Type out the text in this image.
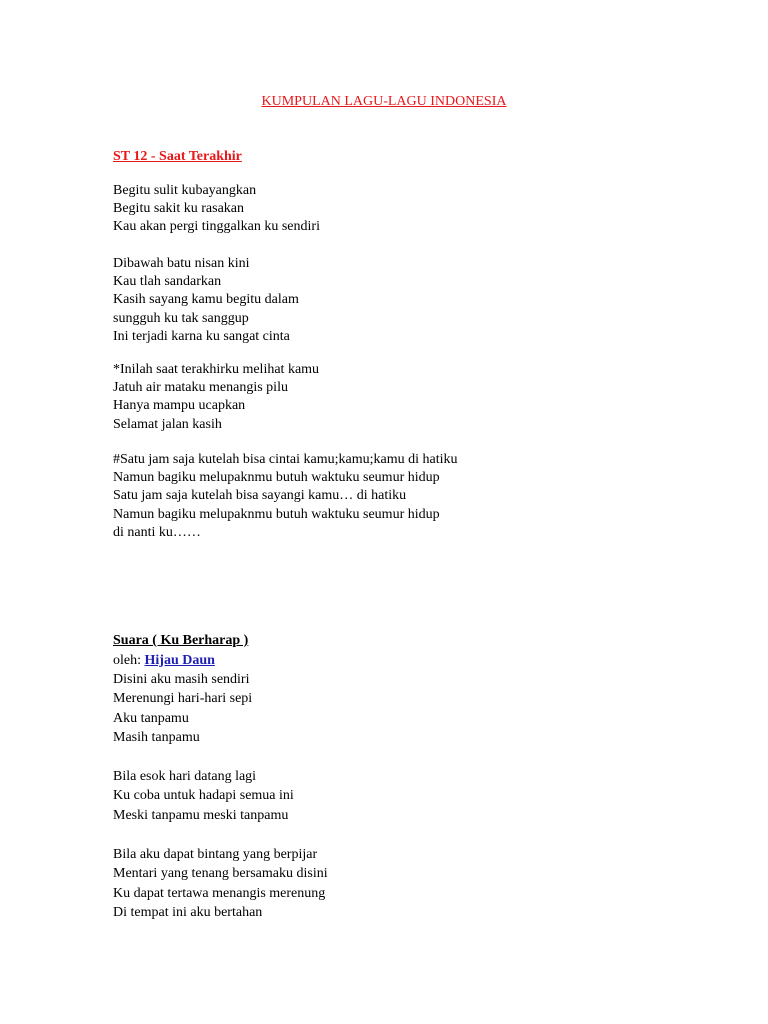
KUMPULAN LAGU-LAGU INDONESIA
ST 12 - Saat Terakhir
Begitu sulit kubayangkan
Begitu sakit ku rasakan
Kau akan pergi tinggalkan ku sendiri
Dibawah batu nisan kini
Kau tlah sandarkan
Kasih sayang kamu begitu dalam
sungguh ku tak sanggup
Ini terjadi karna ku sangat cinta
*Inilah saat terakhirku melihat kamu
Jatuh air mataku menangis pilu
Hanya mampu ucapkan
Selamat jalan kasih
#Satu jam saja kutelah bisa cintai kamu;kamu;kamu di hatiku
Namun bagiku melupaknmu butuh waktuku seumur hidup
Satu jam saja kutelah bisa sayangi kamu… di hatiku
Namun bagiku melupaknmu butuh waktuku seumur hidup
di nanti ku……
Suara ( Ku Berharap )
oleh: Hijau Daun
Disini aku masih sendiri
Merenungi hari-hari sepi
Aku tanpamu
Masih tanpamu
Bila esok hari datang lagi
Ku coba untuk hadapi semua ini
Meski tanpamu meski tanpamu
Bila aku dapat bintang yang berpijar
Mentari yang tenang bersamaku disini
Ku dapat tertawa menangis merenung
Di tempat ini aku bertahan
